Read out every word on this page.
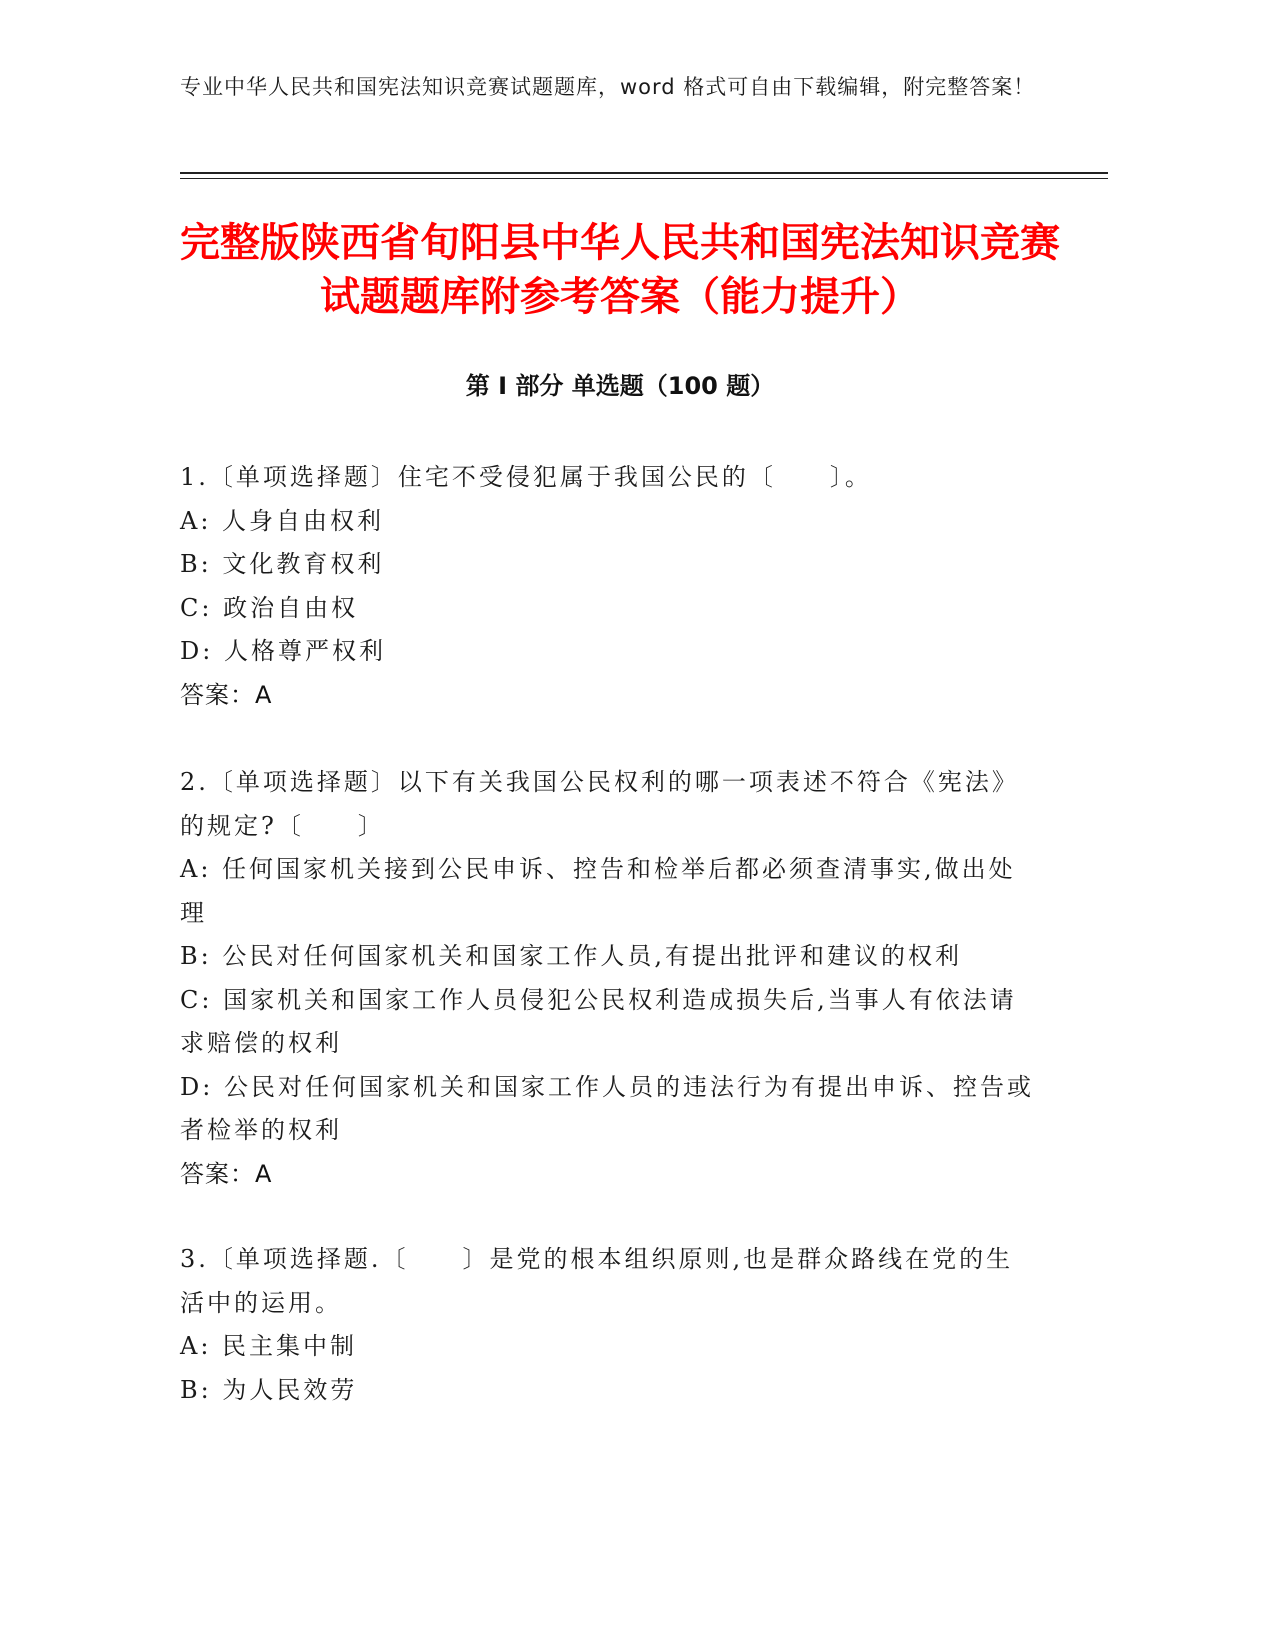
专业中华人民共和国宪法知识竞赛试题题库，word 格式可自由下载编辑，附完整答案！
完整版陕西省旬阳县中华人民共和国宪法知识竞赛试题题库附参考答案（能力提升）
第 I 部分 单选题（100 题）
1.〔单项选择题〕住宅不受侵犯属于我国公民的〔　　〕。
A: 人身自由权利
B: 文化教育权利
C: 政治自由权
D: 人格尊严权利
答案：A
2.〔单项选择题〕以下有关我国公民权利的哪一项表述不符合《宪法》的规定?〔　　〕
A: 任何国家机关接到公民申诉、控告和检举后都必须查清事实,做出处理
B: 公民对任何国家机关和国家工作人员,有提出批评和建议的权利
C: 国家机关和国家工作人员侵犯公民权利造成损失后,当事人有依法请求赔偿的权利
D: 公民对任何国家机关和国家工作人员的违法行为有提出申诉、控告或者检举的权利
答案：A
3.〔单项选择题.〔　　〕是党的根本组织原则,也是群众路线在党的生活中的运用。
A: 民主集中制
B: 为人民效劳
